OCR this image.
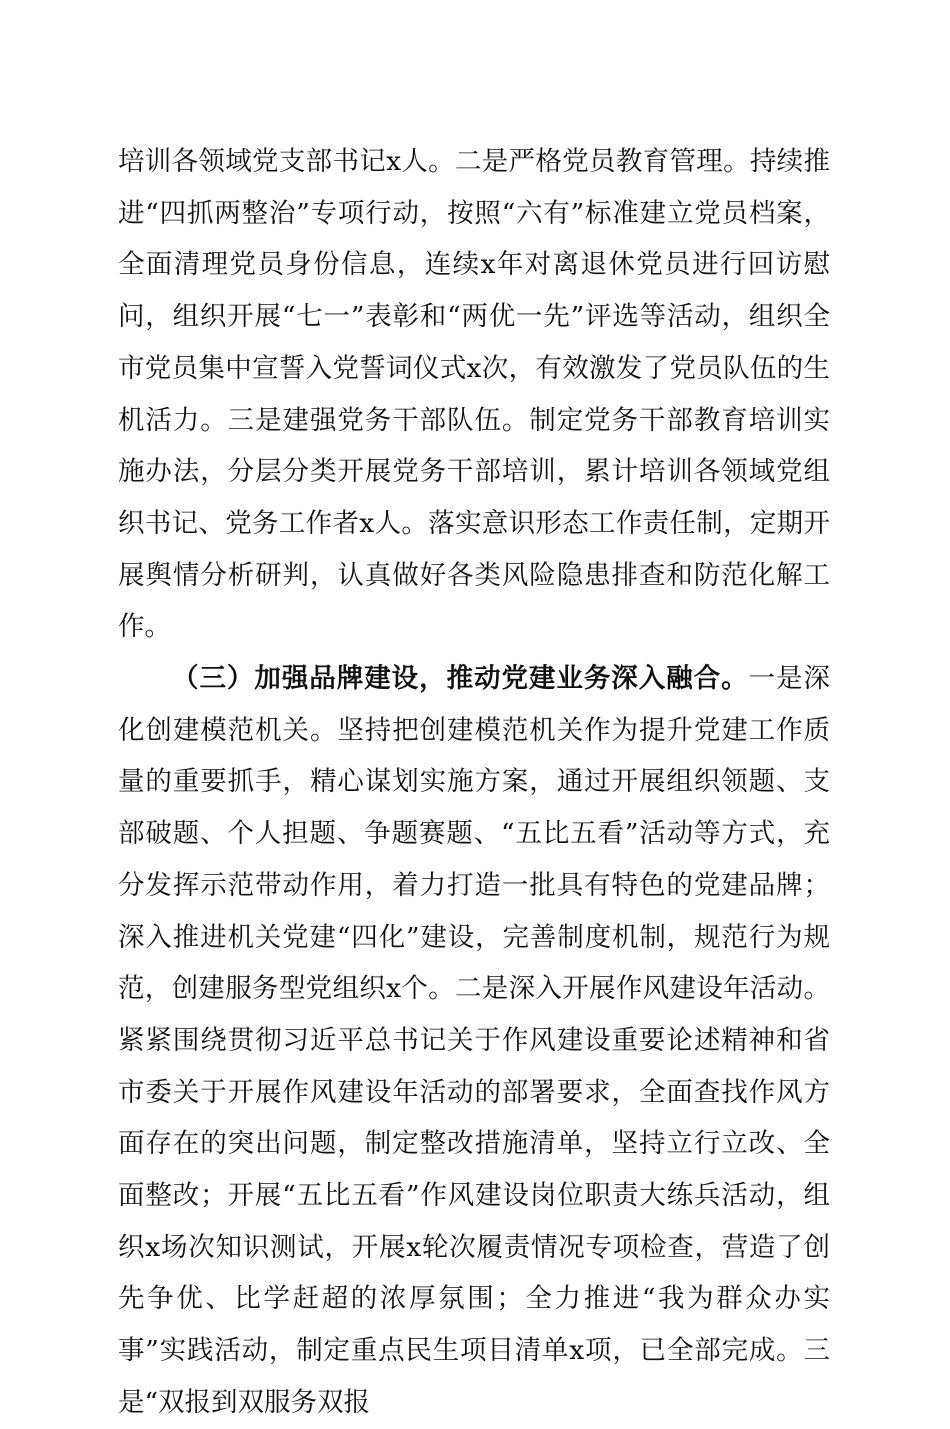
培训各领域党支部书记x人。二是严格党员教育管理。持续推进“四抓两整治”专项行动，按照“六有”标准建立党员档案，全面清理党员身份信息，连续x年对离退休党员进行回访慰问，组织开展“七一”表彰和“两优一先”评选等活动，组织全市党员集中宣誓入党誓词仪式x次，有效激发了党员队伍的生机活力。三是建强党务干部队伍。制定党务干部教育培训实施办法，分层分类开展党务干部培训，累计培训各领域党组织书记、党务工作者x人。落实意识形态工作责任制，定期开展舆情分析研判，认真做好各类风险隐患排查和防范化解工作。

（三）加强品牌建设，推动党建业务深入融合。一是深化创建模范机关。坚持把创建模范机关作为提升党建工作质量的重要抓手，精心谋划实施方案，通过开展组织领题、支部破题、个人担题、争题赛题、“五比五看”活动等方式，充分发挥示范带动作用，着力打造一批具有特色的党建品牌；深入推进机关党建“四化”建设，完善制度机制，规范行为规范，创建服务型党组织x个。二是深入开展作风建设年活动。紧紧围绕贯彻习近平总书记关于作风建设重要论述精神和省市委关于开展作风建设年活动的部署要求，全面查找作风方面存在的突出问题，制定整改措施清单，坚持立行立改、全面整改；开展“五比五看”作风建设岗位职责大练兵活动，组织x场次知识测试，开展x轮次履责情况专项检查，营造了创先争优、比学赶超的浓厚氛围；全力推进“我为群众办实事”实践活动，制定重点民生项目清单x项，已全部完成。三是“双报到双服务双报
